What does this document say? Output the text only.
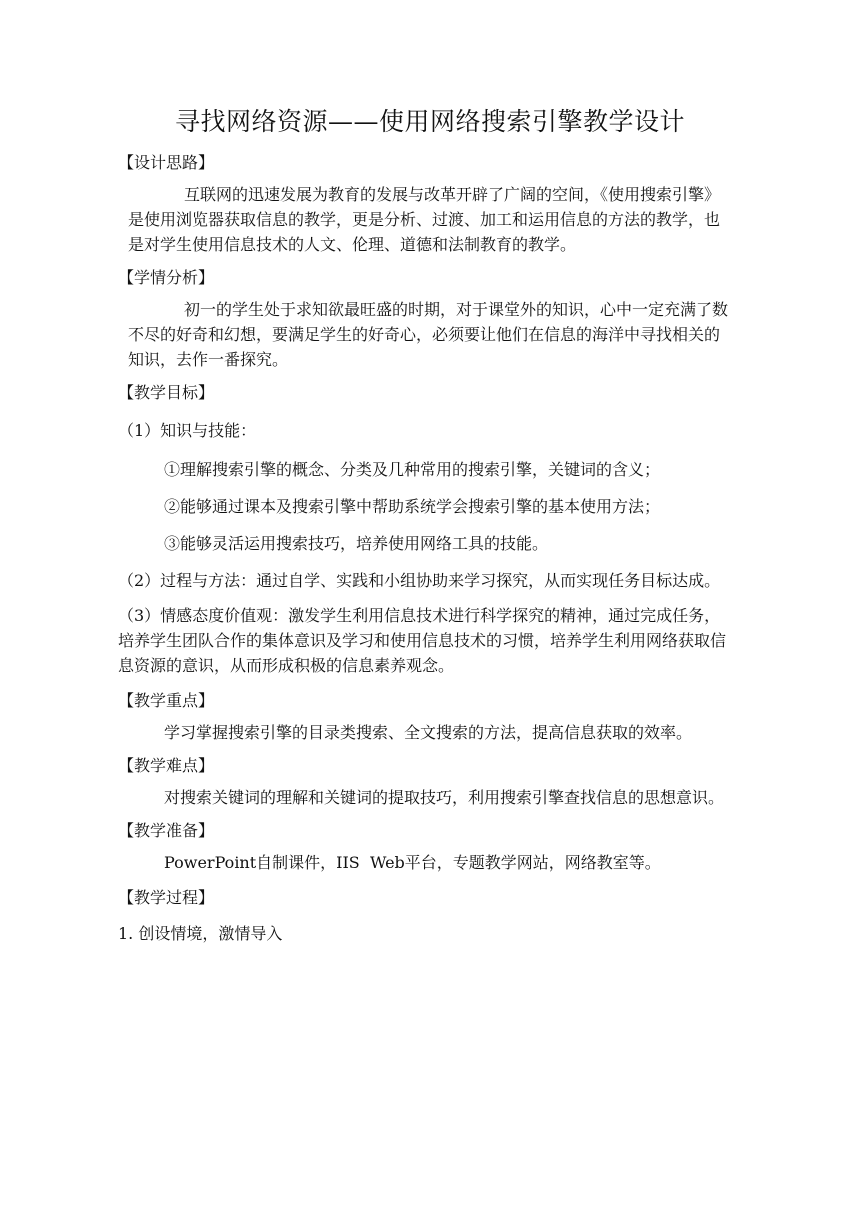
寻找网络资源——使用网络搜索引擎教学设计
【设计思路】
互联网的迅速发展为教育的发展与改革开辟了广阔的空间，《使用搜索引擎》是使用浏览器获取信息的教学，更是分析、过渡、加工和运用信息的方法的教学，也是对学生使用信息技术的人文、伦理、道德和法制教育的教学。
【学情分析】
初一的学生处于求知欲最旺盛的时期，对于课堂外的知识，心中一定充满了数不尽的好奇和幻想，要满足学生的好奇心，必须要让他们在信息的海洋中寻找相关的知识，去作一番探究。
【教学目标】
（1）知识与技能：
①理解搜索引擎的概念、分类及几种常用的搜索引擎，关键词的含义；
②能够通过课本及搜索引擎中帮助系统学会搜索引擎的基本使用方法；
③能够灵活运用搜索技巧，培养使用网络工具的技能。
（2）过程与方法：通过自学、实践和小组协助来学习探究，从而实现任务目标达成。
（3）情感态度价值观：激发学生利用信息技术进行科学探究的精神，通过完成任务，培养学生团队合作的集体意识及学习和使用信息技术的习惯，培养学生利用网络获取信息资源的意识，从而形成积极的信息素养观念。
【教学重点】
学习掌握搜索引擎的目录类搜索、全文搜索的方法，提高信息获取的效率。
【教学难点】
对搜索关键词的理解和关键词的提取技巧，利用搜索引擎查找信息的思想意识。
【教学准备】
PowerPoint自制课件，IIS  Web平台，专题教学网站，网络教室等。
【教学过程】
1. 创设情境，激情导入
